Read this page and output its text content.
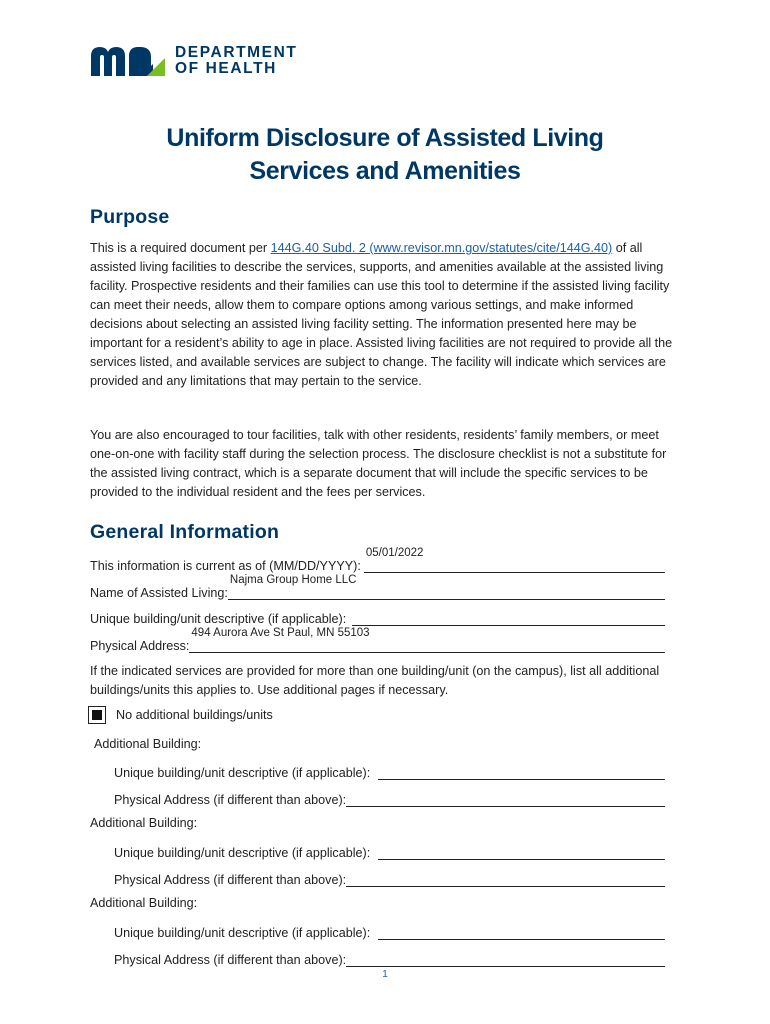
DEPARTMENT
OF HEALTH
Uniform Disclosure of Assisted Living
Services and Amenities
Purpose
This is a required document per 144G.40 Subd. 2 (www.revisor.mn.gov/statutes/cite/144G.40) of all assisted living facilities to describe the services, supports, and amenities available at the assisted living facility. Prospective residents and their families can use this tool to determine if the assisted living facility can meet their needs, allow them to compare options among various settings, and make informed decisions about selecting an assisted living facility setting. The information presented here may be important for a resident’s ability to age in place. Assisted living facilities are not required to provide all the services listed, and available services are subject to change. The facility will indicate which services are provided and any limitations that may pertain to the service.
You are also encouraged to tour facilities, talk with other residents, residents’ family members, or meet one-on-one with facility staff during the selection process. The disclosure checklist is not a substitute for the assisted living contract, which is a separate document that will include the specific services to be provided to the individual resident and the fees per services.
General Information
This information is current as of (MM/DD/YYYY):
05/01/2022
Name of Assisted Living:
Najma Group Home LLC
Unique building/unit descriptive (if applicable):
Physical Address:
494 Aurora Ave St Paul, MN 55103
If the indicated services are provided for more than one building/unit (on the campus), list all additional buildings/units this applies to. Use additional pages if necessary.
No additional buildings/units
Additional Building:
Unique building/unit descriptive (if applicable):
Physical Address (if different than above):
Additional Building:
Unique building/unit descriptive (if applicable):
Physical Address (if different than above):
Additional Building:
Unique building/unit descriptive (if applicable):
Physical Address (if different than above):
1
